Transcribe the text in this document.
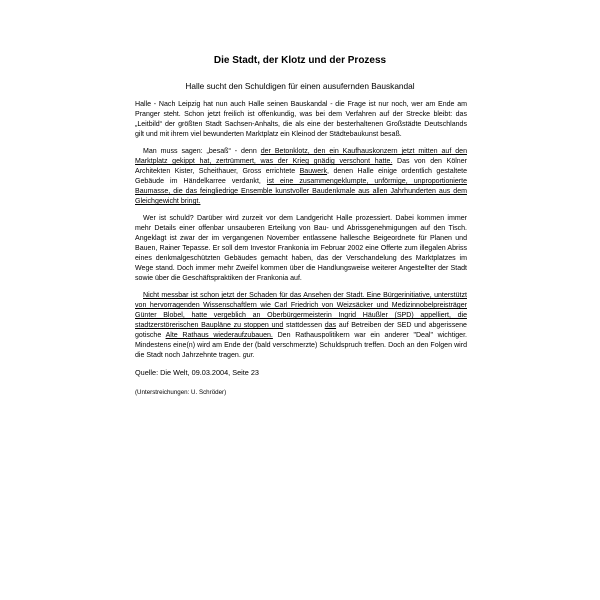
Die Stadt, der Klotz und der Prozess
Halle sucht den Schuldigen für einen ausufernden Bauskandal

Halle - Nach Leipzig hat nun auch Halle seinen Bauskandal - die Frage ist nur noch, wer am Ende am Pranger steht. Schon jetzt freilich ist offenkundig, was bei dem Verfahren auf der Strecke bleibt: das „Leitbild“ der größten Stadt Sachsen-Anhalts, die als eine der besterhaltenen Großstädte Deutschlands gilt und mit ihrem viel bewunderten Marktplatz ein Kleinod der Städtebaukunst besaß.

Man muss sagen: „besaß“ - denn der Betonklotz, den ein Kaufhauskonzern jetzt mitten auf den Marktplatz gekippt hat, zertrümmert, was der Krieg gnädig verschont hatte. Das von den Kölner Architekten Kister, Scheithauer, Gross errichtete Bauwerk, denen Halle einige ordentlich gestaltete Gebäude im Händelkarree verdankt, ist eine zusammengeklumpte, unförmige, unproportionierte Baumasse, die das feingliedrige Ensemble kunstvoller Baudenkmale aus allen Jahrhunderten aus dem Gleichgewicht bringt.

Wer ist schuld? Darüber wird zurzeit vor dem Landgericht Halle prozessiert. Dabei kommen immer mehr Details einer offenbar unsauberen Erteilung von Bau- und Abrissgenehmigungen auf den Tisch. Angeklagt ist zwar der im vergangenen November entlassene hallesche Beigeordnete für Planen und Bauen, Rainer Tepasse. Er soll dem Investor Frankonia im Februar 2002 eine Offerte zum illegalen Abriss eines denkmalgeschützten Gebäudes gemacht haben, das der Verschandelung des Marktplatzes im Wege stand. Doch immer mehr Zweifel kommen über die Handlungsweise weiterer Angestellter der Stadt sowie über die Geschäftspraktiken der Frankonia auf.

Nicht messbar ist schon jetzt der Schaden für das Ansehen der Stadt. Eine Bürgerinitiative, unterstützt von hervorragenden Wissenschaftlern wie Carl Friedrich von Weizsäcker und Medizinnobelpreisträger Günter Blobel, hatte vergeblich an Oberbürgermeisterin Ingrid Häußler (SPD) appelliert, die stadtzerstörerischen Baupläne zu stoppen und stattdessen das auf Betreiben der SED und abgerissene gotische Alte Rathaus wiederaufzubauen. Den Rathauspolitikern war ein anderer "Deal" wichtiger. Mindestens eine(n) wird am Ende der (bald verschmerzte) Schuldspruch treffen. Doch an den Folgen wird die Stadt noch Jahrzehnte tragen. gur.

Quelle: Die Welt, 09.03.2004, Seite 23

(Unterstreichungen: U. Schröder)
